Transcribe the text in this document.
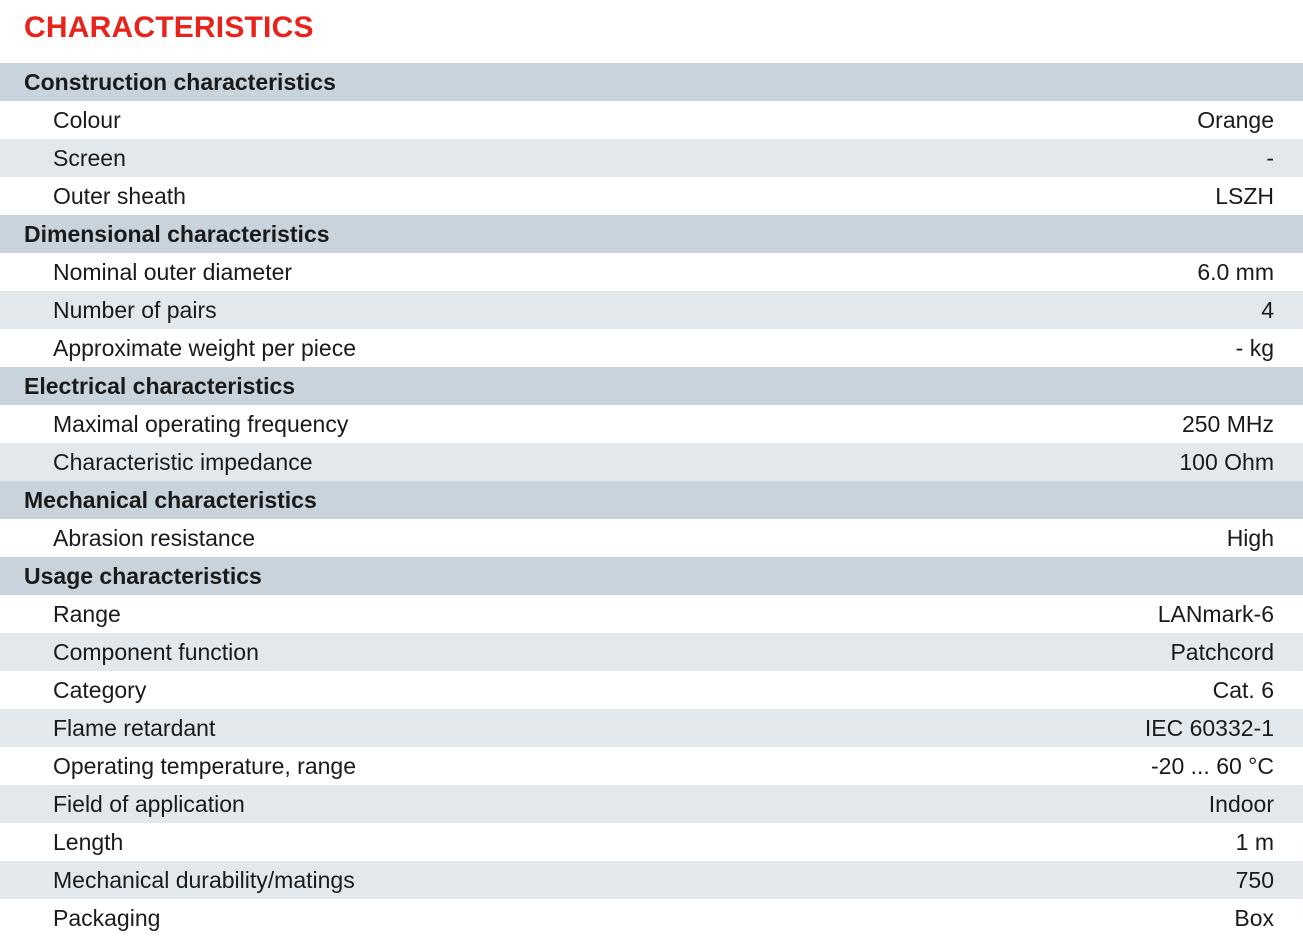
CHARACTERISTICS
Construction characteristics
Colour	Orange
Screen	-
Outer sheath	LSZH
Dimensional characteristics
Nominal outer diameter	6.0 mm
Number of pairs	4
Approximate weight per piece	- kg
Electrical characteristics
Maximal operating frequency	250 MHz
Characteristic impedance	100 Ohm
Mechanical characteristics
Abrasion resistance	High
Usage characteristics
Range	LANmark-6
Component function	Patchcord
Category	Cat. 6
Flame retardant	IEC 60332-1
Operating temperature, range	-20 ... 60 °C
Field of application	Indoor
Length	1 m
Mechanical durability/matings	750
Packaging	Box
